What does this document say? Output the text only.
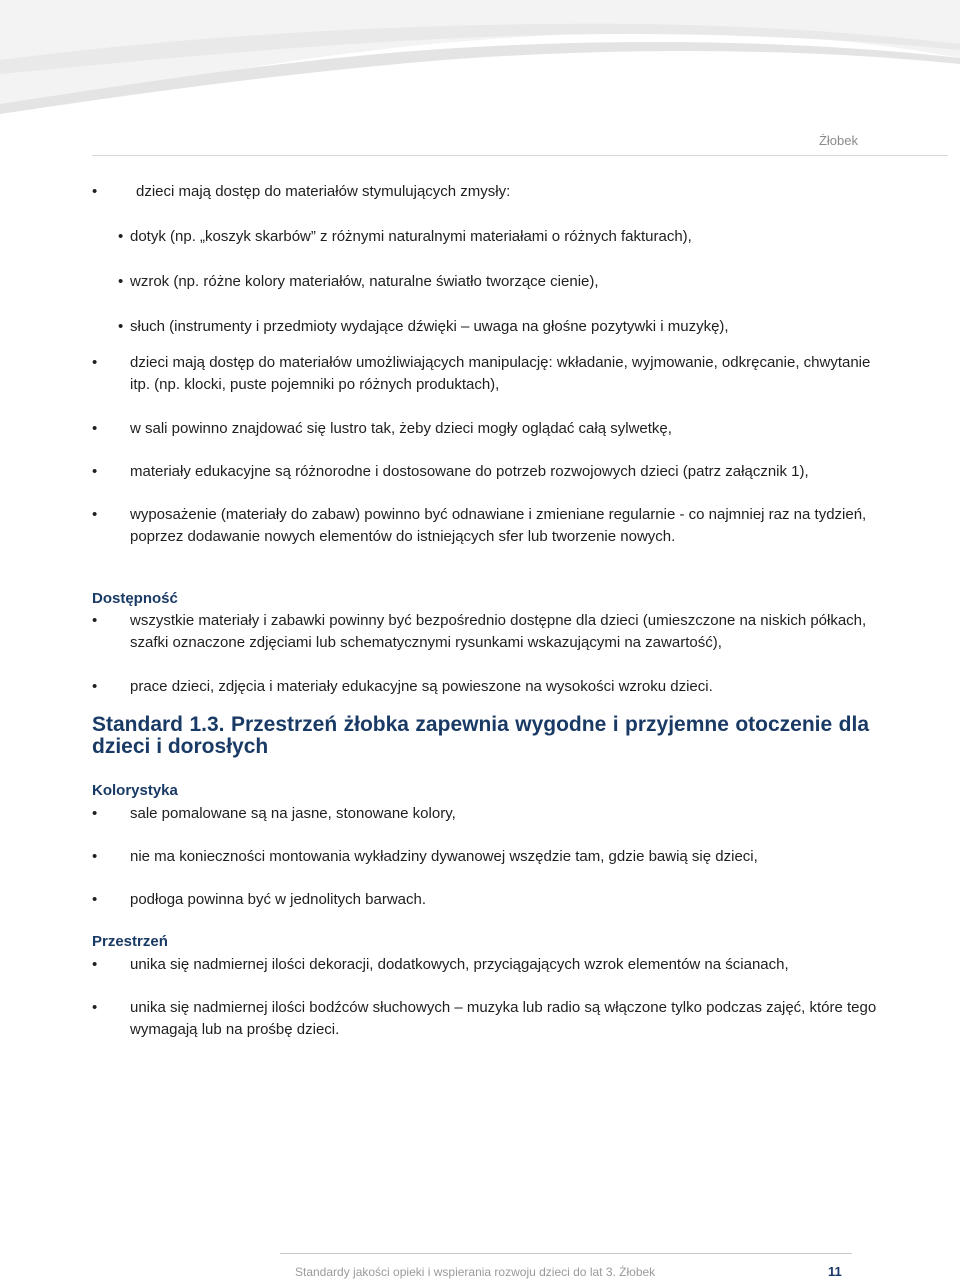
Żłobek
•	dzieci mają dostęp do materiałów stymulujących zmysły:
• dotyk (np. „koszyk skarbów” z różnymi naturalnymi materiałami o różnych fakturach),
• wzrok (np. różne kolory materiałów, naturalne światło tworzące cienie),
• słuch (instrumenty i przedmioty wydające dźwięki – uwaga na głośne pozytywki i muzykę),
• dzieci mają dostęp do materiałów umożliwiających manipulację: wkładanie, wyjmowanie, odkręcanie, chwytanie itp. (np. klocki, puste pojemniki po różnych produktach),
• w sali powinno znajdować się lustro tak, żeby dzieci mogły oglądać całą sylwetkę,
• materiały edukacyjne są różnorodne i dostosowane do potrzeb rozwojowych dzieci (patrz załącznik 1),
• wyposażenie (materiały do zabaw) powinno być odnawiane i zmieniane regularnie - co najmniej raz na tydzień, poprzez dodawanie nowych elementów do istniejących sfer lub tworzenie nowych.
Dostępność
• wszystkie materiały i zabawki powinny być bezpośrednio dostępne dla dzieci (umieszczone na niskich półkach, szafki oznaczone zdjęciami lub schematycznymi rysunkami wskazującymi na zawartość),
• prace dzieci, zdjęcia i materiały edukacyjne są powieszone na wysokości wzroku dzieci.
Standard 1.3. Przestrzeń żłobka zapewnia wygodne i przyjemne otoczenie dla dzieci i dorosłych
Kolorystyka
• sale pomalowane są na jasne, stonowane kolory,
• nie ma konieczności montowania wykładziny dywanowej wszędzie tam, gdzie bawią się dzieci,
• podłoga powinna być w jednolitych barwach.
Przestrzeń
• unika się nadmiernej ilości dekoracji, dodatkowych, przyciągających wzrok elementów na ścianach,
• unika się nadmiernej ilości bodźców słuchowych – muzyka lub radio są włączone tylko podczas zajęć, które tego wymagają lub na prośbę dzieci.
Standardy jakości opieki i wspierania rozwoju dzieci do lat 3. Żłobek	11
